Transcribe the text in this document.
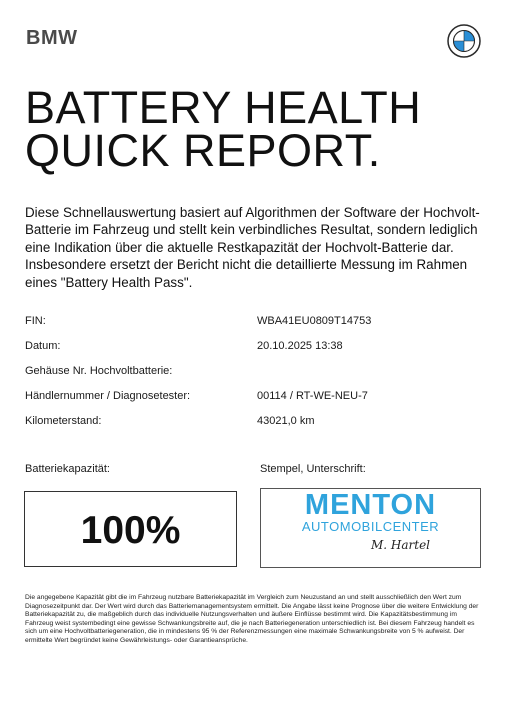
BMW
BATTERY HEALTH
QUICK REPORT.

Diese Schnellauswertung basiert auf Algorithmen der Software der Hochvolt-Batterie im Fahrzeug und stellt kein verbindliches Resultat, sondern lediglich eine Indikation über die aktuelle Restkapazität der Hochvolt-Batterie dar. Insbesondere ersetzt der Bericht nicht die detaillierte Messung im Rahmen eines "Battery Health Pass".

FIN:	WBA41EU0809T14753
Datum:	20.10.2025 13:38
Gehäuse Nr. Hochvoltbatterie:
Händlernummer / Diagnosetester:	00114 / RT-WE-NEU-7
Kilometerstand:	43021,0 km
Batteriekapazität:	Stempel, Unterschrift:
100%
MENTON
AUTOMOBILCENTER
M. Hartel

Die angegebene Kapazität gibt die im Fahrzeug nutzbare Batteriekapazität im Vergleich zum Neuzustand an und stellt ausschließlich den Wert zum Diagnosezeitpunkt dar. Der Wert wird durch das Batteriemanagementsystem ermittelt. Die Angabe lässt keine Prognose über die weitere Entwicklung der Batteriekapazität zu, die maßgeblich durch das individuelle Nutzungsverhalten und äußere Einflüsse bestimmt wird. Die Kapazitätsbestimmung im Fahrzeug weist systembedingt eine gewisse Schwankungsbreite auf, die je nach Batteriegeneration unterschiedlich ist. Bei diesem Fahrzeug handelt es sich um eine Hochvoltbatteriegeneration, die in mindestens 95 % der Referenzmessungen eine maximale Schwankungsbreite von 5 % aufweist. Der ermittelte Wert begründet keine Gewährleistungs- oder Garantieansprüche.
